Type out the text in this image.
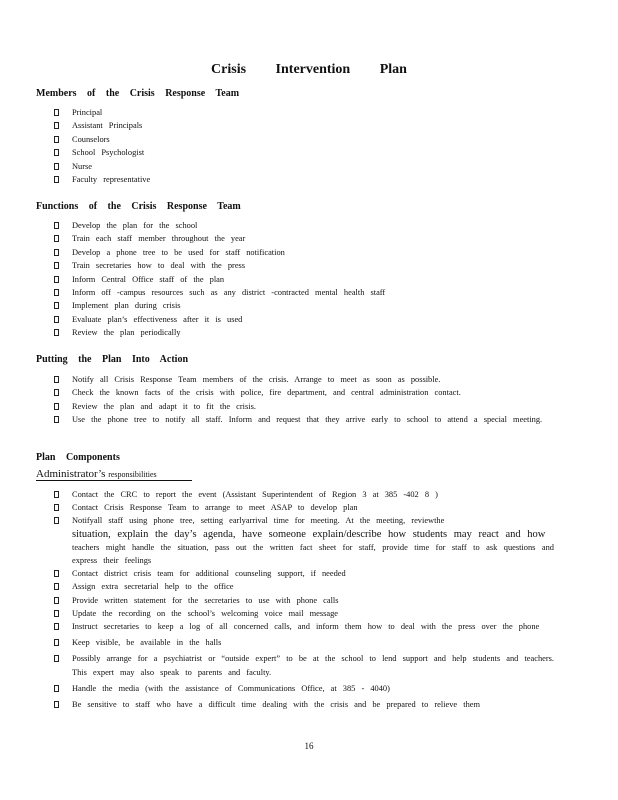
Crisis Intervention Plan
Members of the Crisis Response Team
Principal
Assistant Principals
Counselors
School Psychologist
Nurse
Faculty representative
Functions of the Crisis Response Team
Develop the plan for the school
Train each staff member throughout the year
Develop a phone tree to be used for staff notification
Train secretaries how to deal with the press
Inform Central Office staff of the plan
Inform off -campus resources such as any district -contracted mental health staff
Implement plan during crisis
Evaluate plan’s effectiveness after it is used
Review the plan periodically
Putting the Plan Into Action
Notify all Crisis Response Team members of the crisis. Arrange to meet as soon as possible.
Check the known facts of the crisis with police, fire department, and central administration contact.
Review the plan and adapt it to fit the crisis.
Use the phone tree to notify all staff. Inform and request that they arrive early to school to attend a special meeting.
Plan Components
Administrator’s responsibilities
Contact the CRC to report the event (Assistant Superintendent of Region 3 at 385 -402 8 )
Contact Crisis Response Team to arrange to meet ASAP to develop plan
Notifyall staff using phone tree, setting earlyarrival time for meeting. At the meeting, reviewthe
situation, explain the day’s agenda, have someone explain/describe how students may react and how
teachers might handle the situation, pass out the written fact sheet for staff, provide time for staff to ask questions and express their feelings
Contact district crisis team for additional counseling support, if needed
Assign extra secretarial help to the office
Provide written statement for the secretaries to use with phone calls
Update the recording on the school’s welcoming voice mail message
Instruct secretaries to keep a log of all concerned calls, and inform them how to deal with the press over the phone
Keep visible, be available in the halls
Possibly arrange for a psychiatrist or “outside expert” to be at the school to lend support and help students and teachers. This expert may also speak to parents and faculty.
Handle the media (with the assistance of Communications Office, at 385 - 4040)
Be sensitive to staff who have a difficult time dealing with the crisis and be prepared to relieve them
16
